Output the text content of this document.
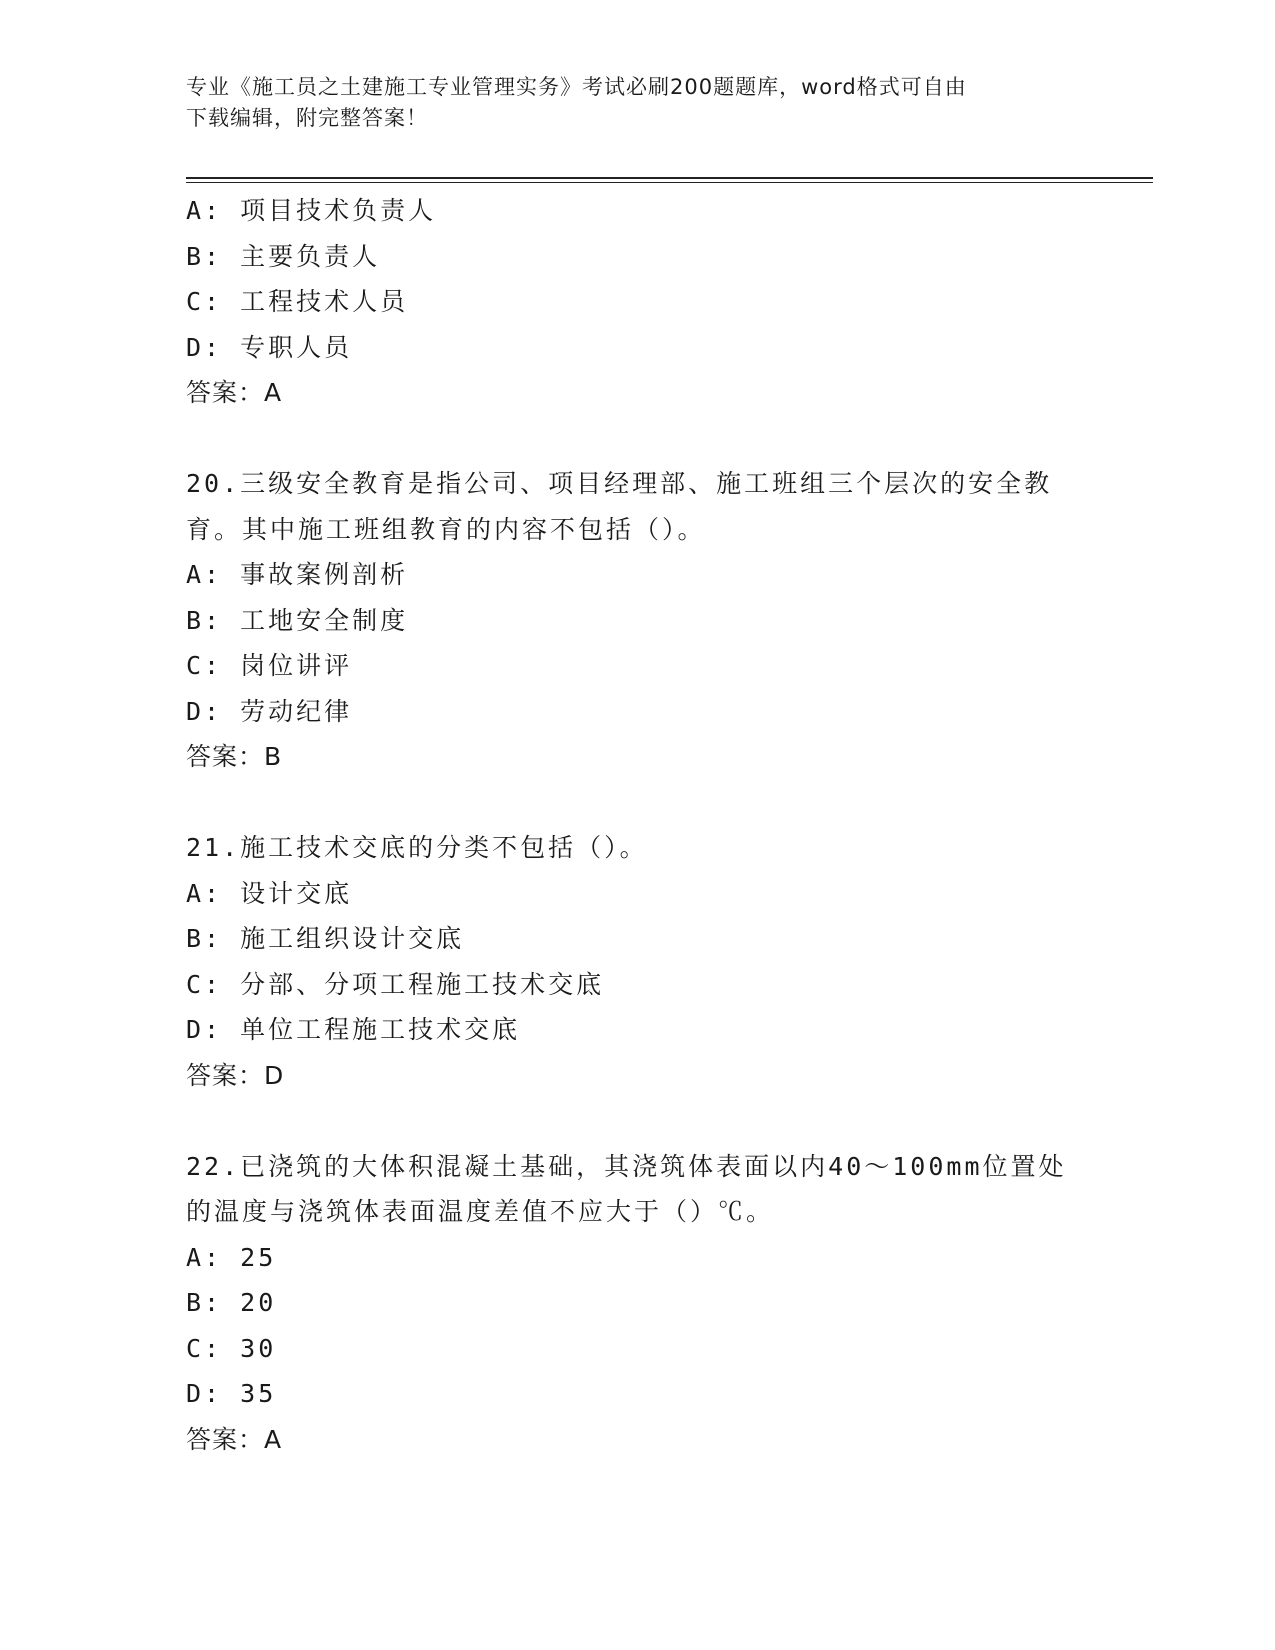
专业《施工员之土建施工专业管理实务》考试必刷200题题库，word格式可自由
下载编辑，附完整答案！
A: 项目技术负责人
B: 主要负责人
C: 工程技术人员
D: 专职人员
答案：A
20.三级安全教育是指公司、项目经理部、施工班组三个层次的安全教
育。其中施工班组教育的内容不包括（）。
A: 事故案例剖析
B: 工地安全制度
C: 岗位讲评
D: 劳动纪律
答案：B
21.施工技术交底的分类不包括（）。
A: 设计交底
B: 施工组织设计交底
C: 分部、分项工程施工技术交底
D: 单位工程施工技术交底
答案：D
22.已浇筑的大体积混凝土基础，其浇筑体表面以内40～100mm位置处
的温度与浇筑体表面温度差值不应大于（）℃。
A: 25
B: 20
C: 30
D: 35
答案：A
